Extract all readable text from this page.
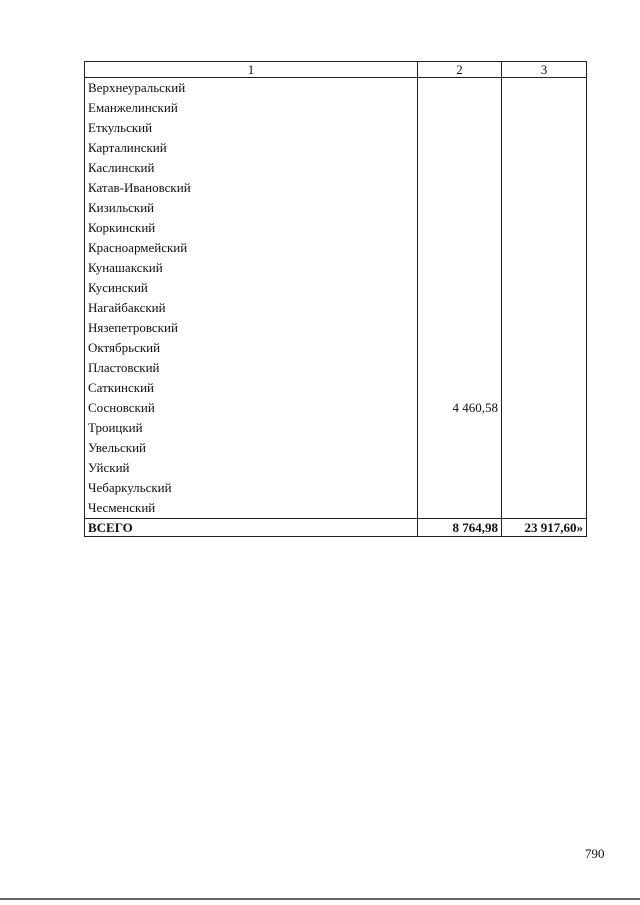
1	2	3
Верхнеуральский		
Еманжелинский		
Еткульский		
Карталинский		
Каслинский		
Катав-Ивановский		
Кизильский		
Коркинский		
Красноармейский		
Кунашакский		
Кусинский		
Нагайбакский		
Нязепетровский		
Октябрьский		
Пластовский		
Саткинский		
Сосновский	4 460,58	
Троицкий		
Увельский		
Уйский		
Чебаркульский		
Чесменский		
ВСЕГО	8 764,98	23 917,60»
790
